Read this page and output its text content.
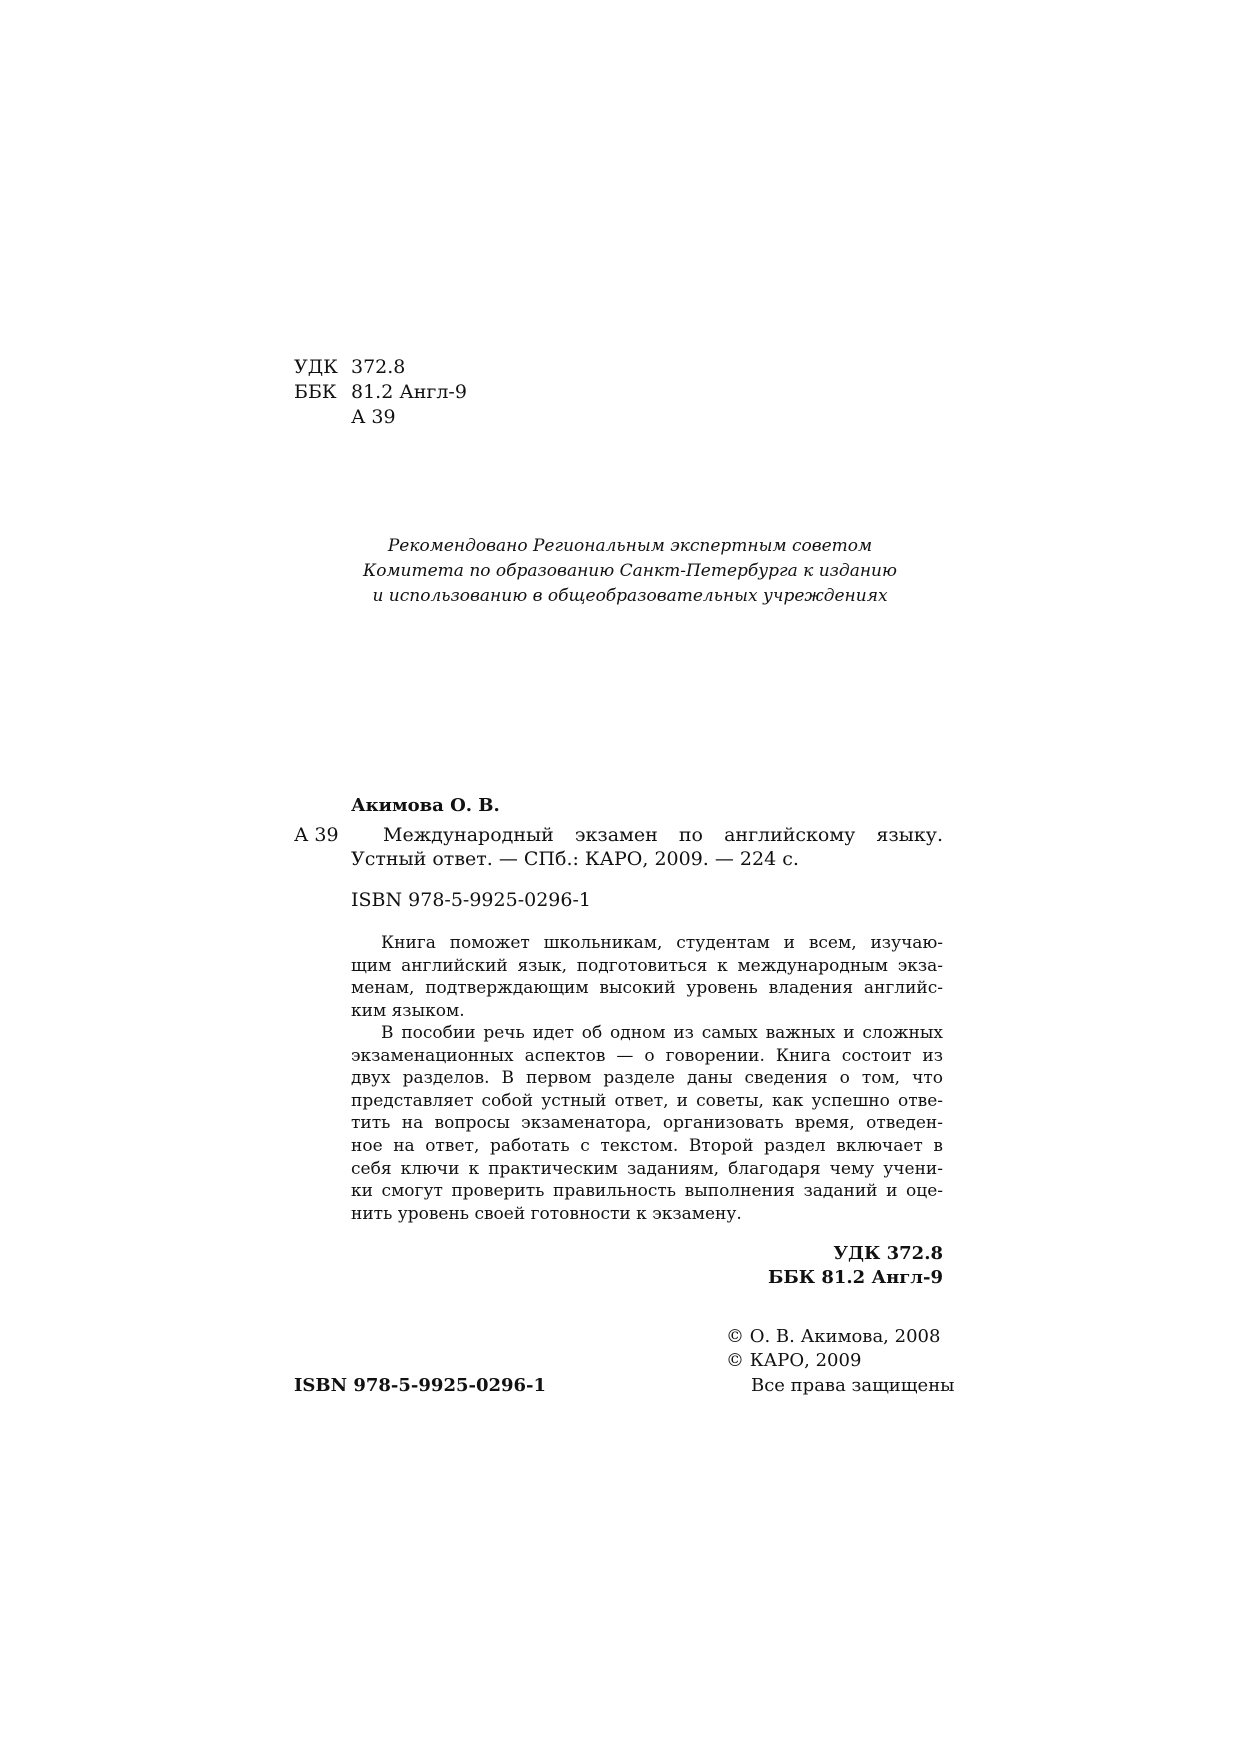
УДК 372.8
ББК 81.2 Англ-9
А 39
Рекомендовано Региональным экспертным советом
Комитета по образованию Санкт-Петербурга к изданию
и использованию в общеобразовательных учреждениях
Акимова О. В.
А 39 Международный экзамен по английскому языку.
Устный ответ. — СПб.: КАРО, 2009. — 224 с.
ISBN 978-5-9925-0296-1
Книга поможет школьникам, студентам и всем, изучаю-
щим английский язык, подготовиться к международным экза-
менам, подтверждающим высокий уровень владения английс-
ким языком.
В пособии речь идет об одном из самых важных и сложных
экзаменационных аспектов — о говорении. Книга состоит из
двух разделов. В первом разделе даны сведения о том, что
представляет собой устный ответ, и советы, как успешно отве-
тить на вопросы экзаменатора, организовать время, отведен-
ное на ответ, работать с текстом. Второй раздел включает в
себя ключи к практическим заданиям, благодаря чему учени-
ки смогут проверить правильность выполнения заданий и оце-
нить уровень своей готовности к экзамену.
УДК 372.8
ББК 81.2 Англ-9
© О. В. Акимова, 2008
© КАРО, 2009
Все права защищены
ISBN 978-5-9925-0296-1
